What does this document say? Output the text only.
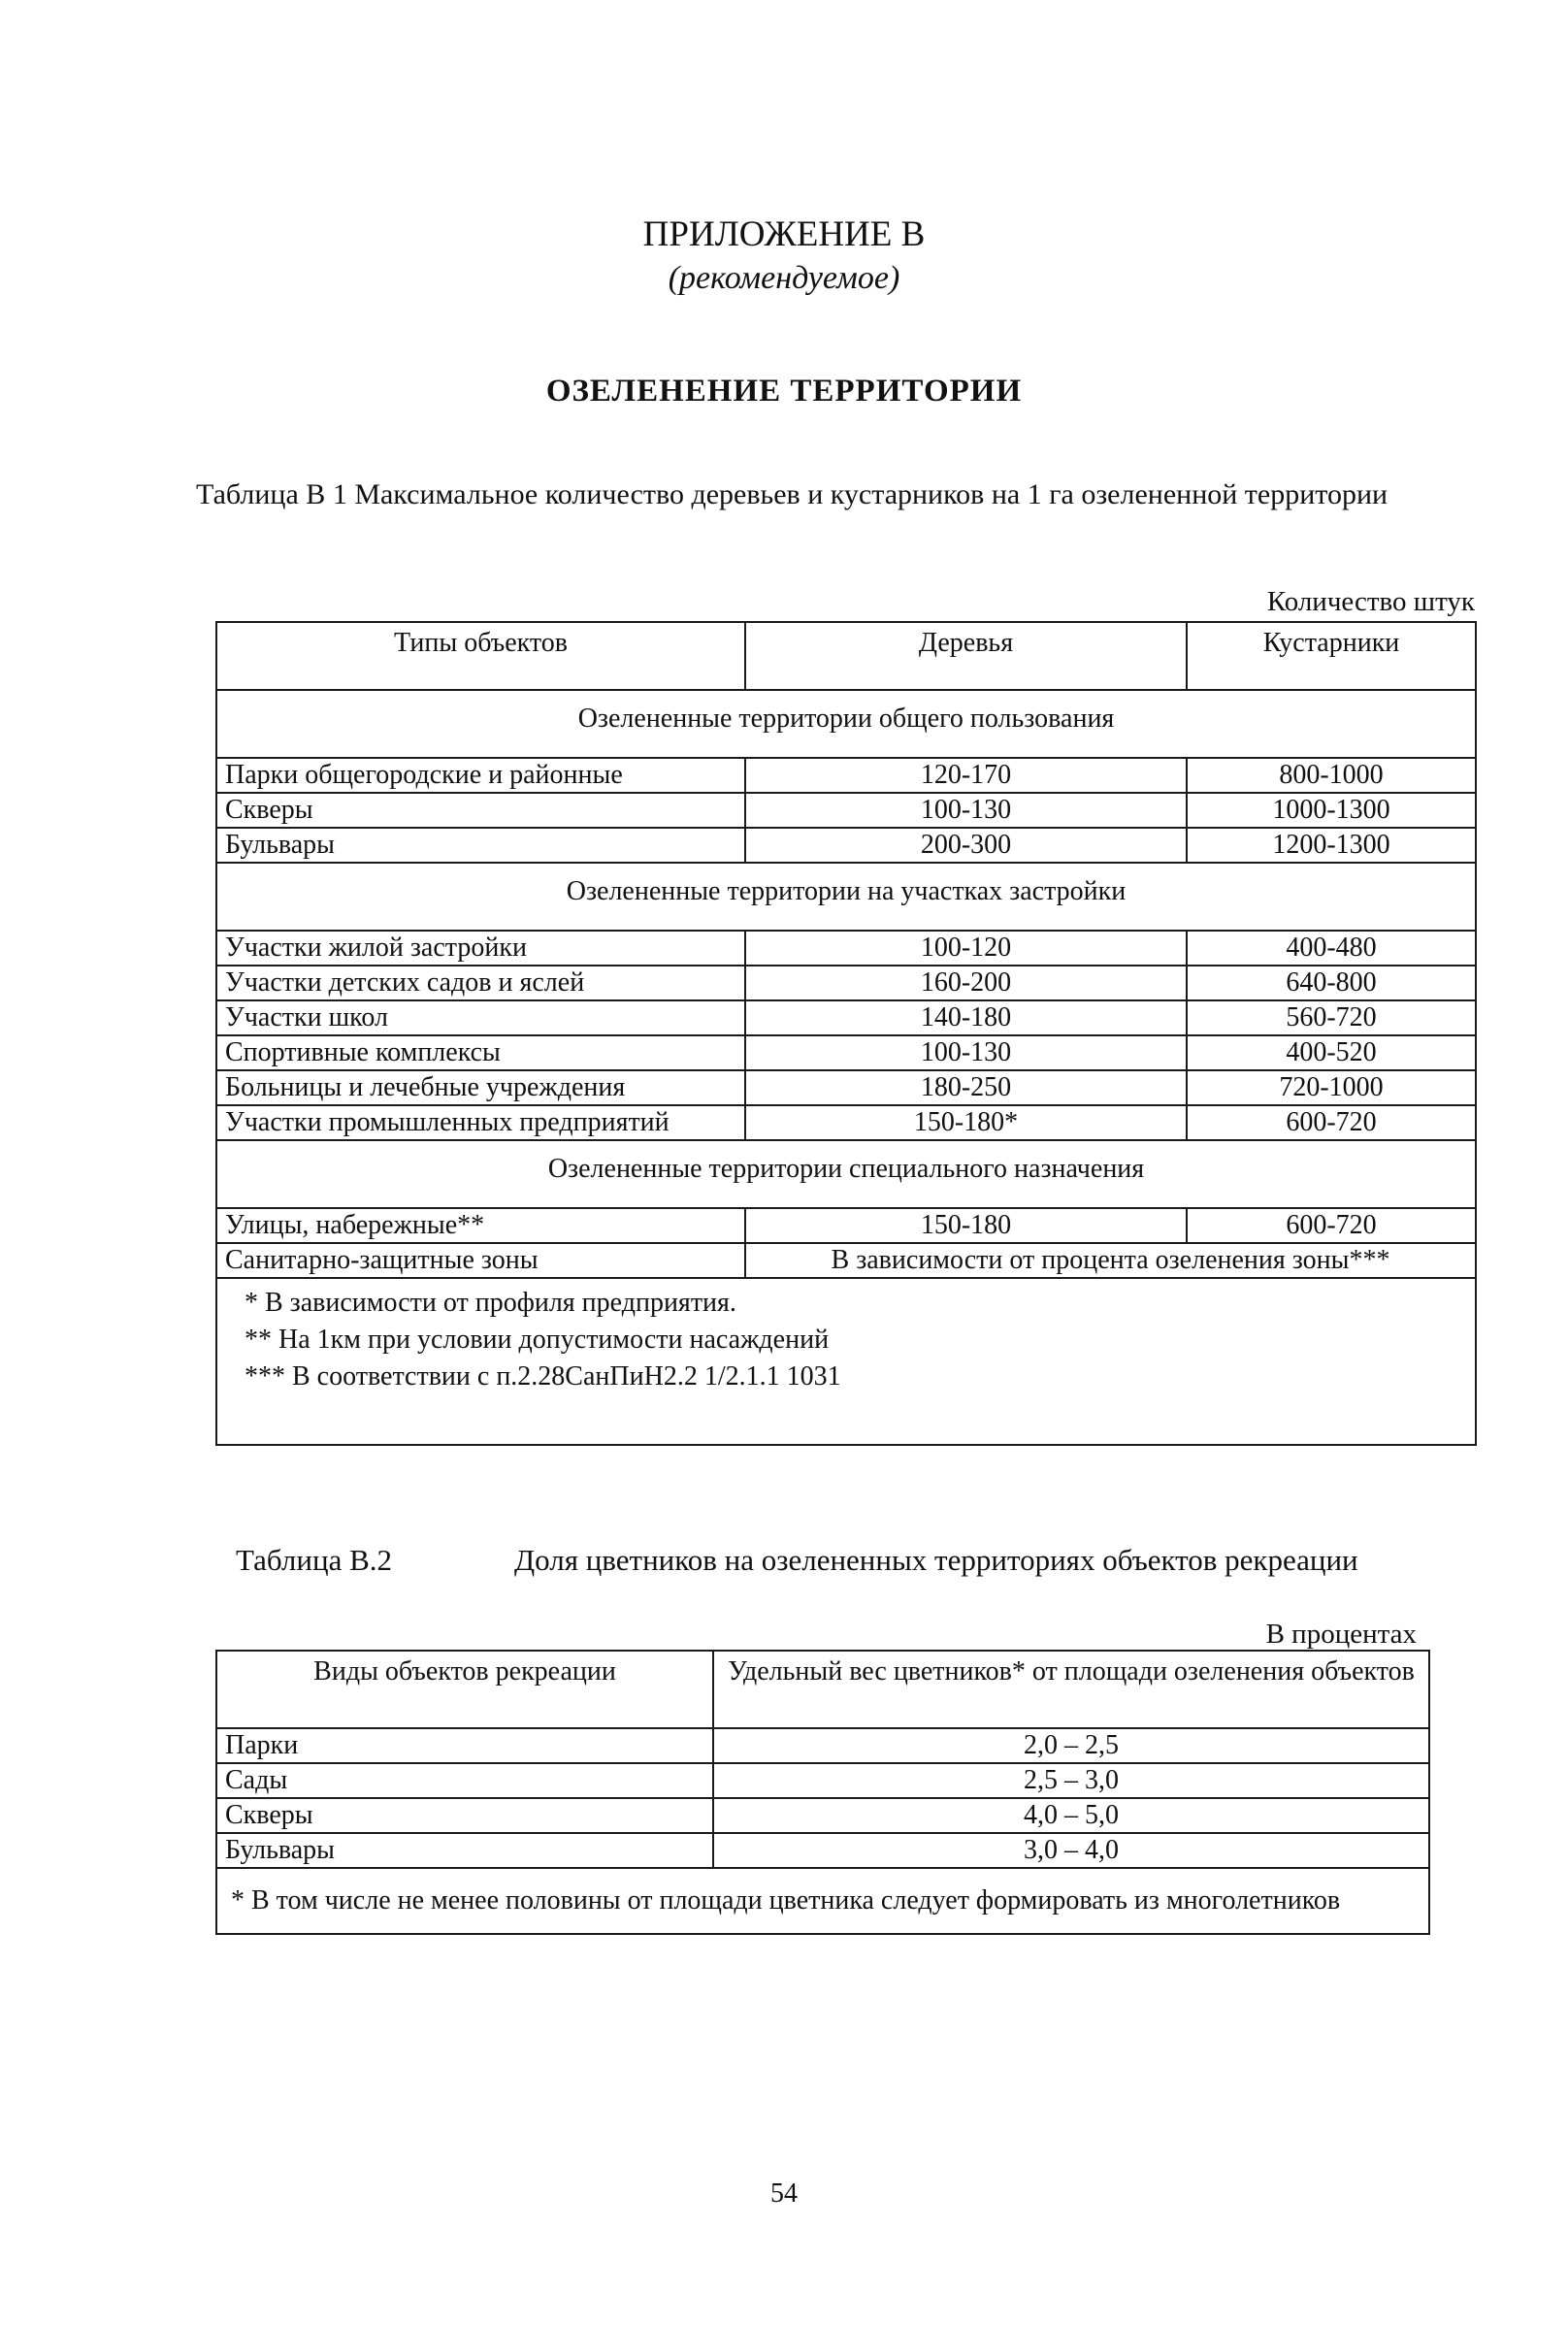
ПРИЛОЖЕНИЕ В
(рекомендуемое)
ОЗЕЛЕНЕНИЕ ТЕРРИТОРИИ
Таблица В 1 Максимальное количество деревьев и кустарников на 1 га озелененной территории
Количество штук
Типы объектов	Деревья	Кустарники
Озелененные территории общего пользования		
Парки общегородские и районные	120-170	800-1000
Скверы	100-130	1000-1300
Бульвары	200-300	1200-1300
Озелененные территории на участках застройки		
Участки жилой застройки	100-120	400-480
Участки детских садов и яслей	160-200	640-800
Участки школ	140-180	560-720
Спортивные комплексы	100-130	400-520
Больницы и лечебные учреждения	180-250	720-1000
Участки промышленных предприятий	150-180*	600-720
Озелененные территории специального назначения		
Улицы, набережные**	150-180	600-720
Санитарно-защитные зоны	В зависимости от процента озеленения зоны***	

* В зависимости от профиля предприятия.
** На 1км при условии допустимости насаждений
*** В соответствии с п.2.28СанПиН2.2 1/2.1.1 1031		
Таблица В.2	Доля цветников на озелененных территориях объектов рекреации
В процентах
Виды объектов рекреации	Удельный вес цветников* от площади озеленения объектов
Парки	2,0 – 2,5
Сады	2,5 – 3,0
Скверы	4,0 – 5,0
Бульвары	3,0 – 4,0
* В том числе не менее половины от площади цветника следует формировать из многолетников	
54
